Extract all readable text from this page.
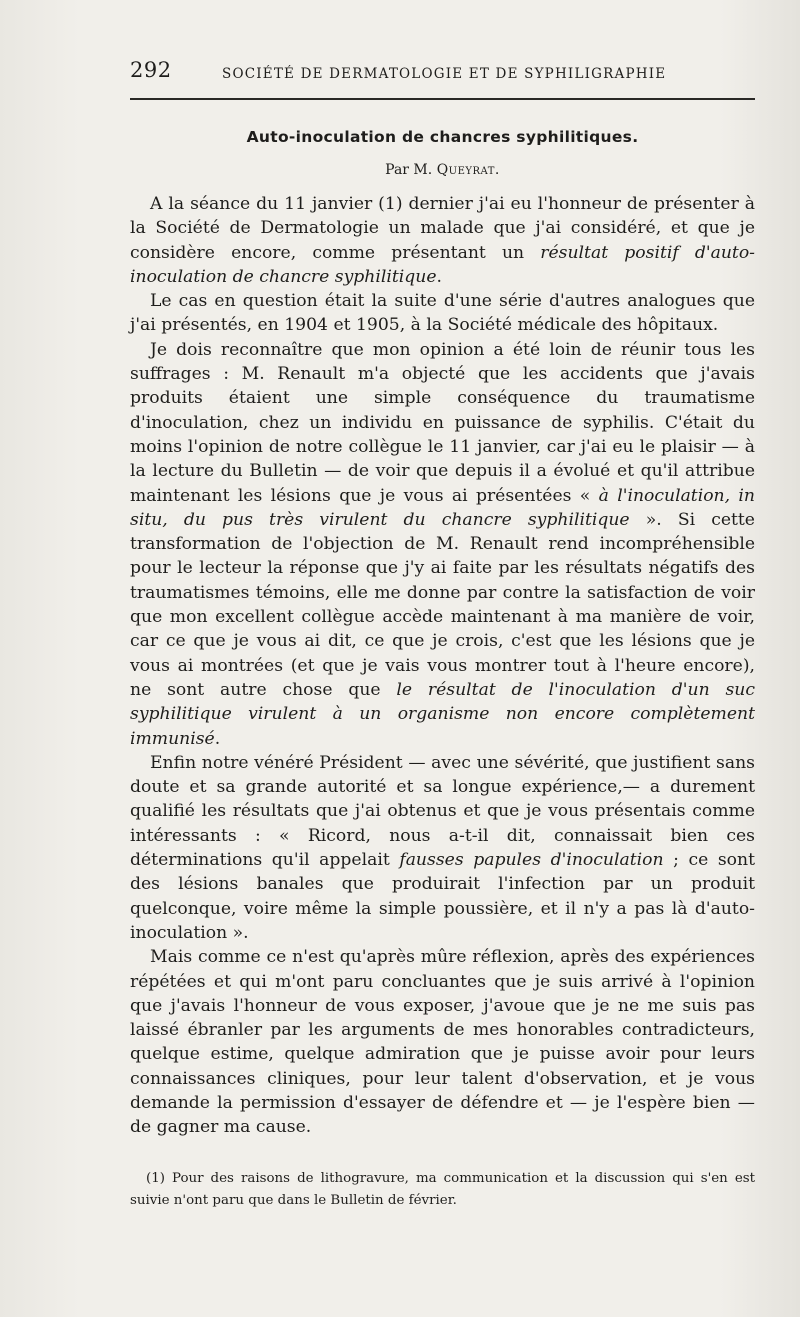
292	SOCIÉTÉ DE DERMATOLOGIE ET DE SYPHILIGRAPHIE
Auto-inoculation de chancres syphilitiques.
Par M. Queyrat.

A la séance du 11 janvier (1) dernier j'ai eu l'honneur de présenter à la Société de Dermatologie un malade que j'ai considéré, et que je considère encore, comme présentant un résultat positif d'auto-inoculation de chancre syphilitique.

Le cas en question était la suite d'une série d'autres analogues que j'ai présentés, en 1904 et 1905, à la Société médicale des hôpitaux.

Je dois reconnaître que mon opinion a été loin de réunir tous les suffrages : M. Renault m'a objecté que les accidents que j'avais produits étaient une simple conséquence du traumatisme d'inoculation, chez un individu en puissance de syphilis. C'était du moins l'opinion de notre collègue le 11 janvier, car j'ai eu le plaisir — à la lecture du Bulletin — de voir que depuis il a évolué et qu'il attribue maintenant les lésions que je vous ai présentées « à l'inoculation, in situ, du pus très virulent du chancre syphilitique ». Si cette transformation de l'objection de M. Renault rend incompréhensible pour le lecteur la réponse que j'y ai faite par les résultats négatifs des traumatismes témoins, elle me donne par contre la satisfaction de voir que mon excellent collègue accède maintenant à ma manière de voir, car ce que je vous ai dit, ce que je crois, c'est que les lésions que je vous ai montrées (et que je vais vous montrer tout à l'heure encore), ne sont autre chose que le résultat de l'inoculation d'un suc syphilitique virulent à un organisme non encore complètement immunisé.

Enfin notre vénéré Président — avec une sévérité, que justifient sans doute et sa grande autorité et sa longue expérience,— a durement qualifié les résultats que j'ai obtenus et que je vous présentais comme intéressants : « Ricord, nous a-t-il dit, connaissait bien ces déterminations qu'il appelait fausses papules d'inoculation ; ce sont des lésions banales que produirait l'infection par un produit quelconque, voire même la simple poussière, et il n'y a pas là d'auto-inoculation ».

Mais comme ce n'est qu'après mûre réflexion, après des expériences répétées et qui m'ont paru concluantes que je suis arrivé à l'opinion que j'avais l'honneur de vous exposer, j'avoue que je ne me suis pas laissé ébranler par les arguments de mes honorables contradicteurs, quelque estime, quelque admiration que je puisse avoir pour leurs connaissances cliniques, pour leur talent d'observation, et je vous demande la permission d'essayer de défendre et — je l'espère bien — de gagner ma cause.

(1) Pour des raisons de lithogravure, ma communication et la discussion qui s'en est suivie n'ont paru que dans le Bulletin de février.
